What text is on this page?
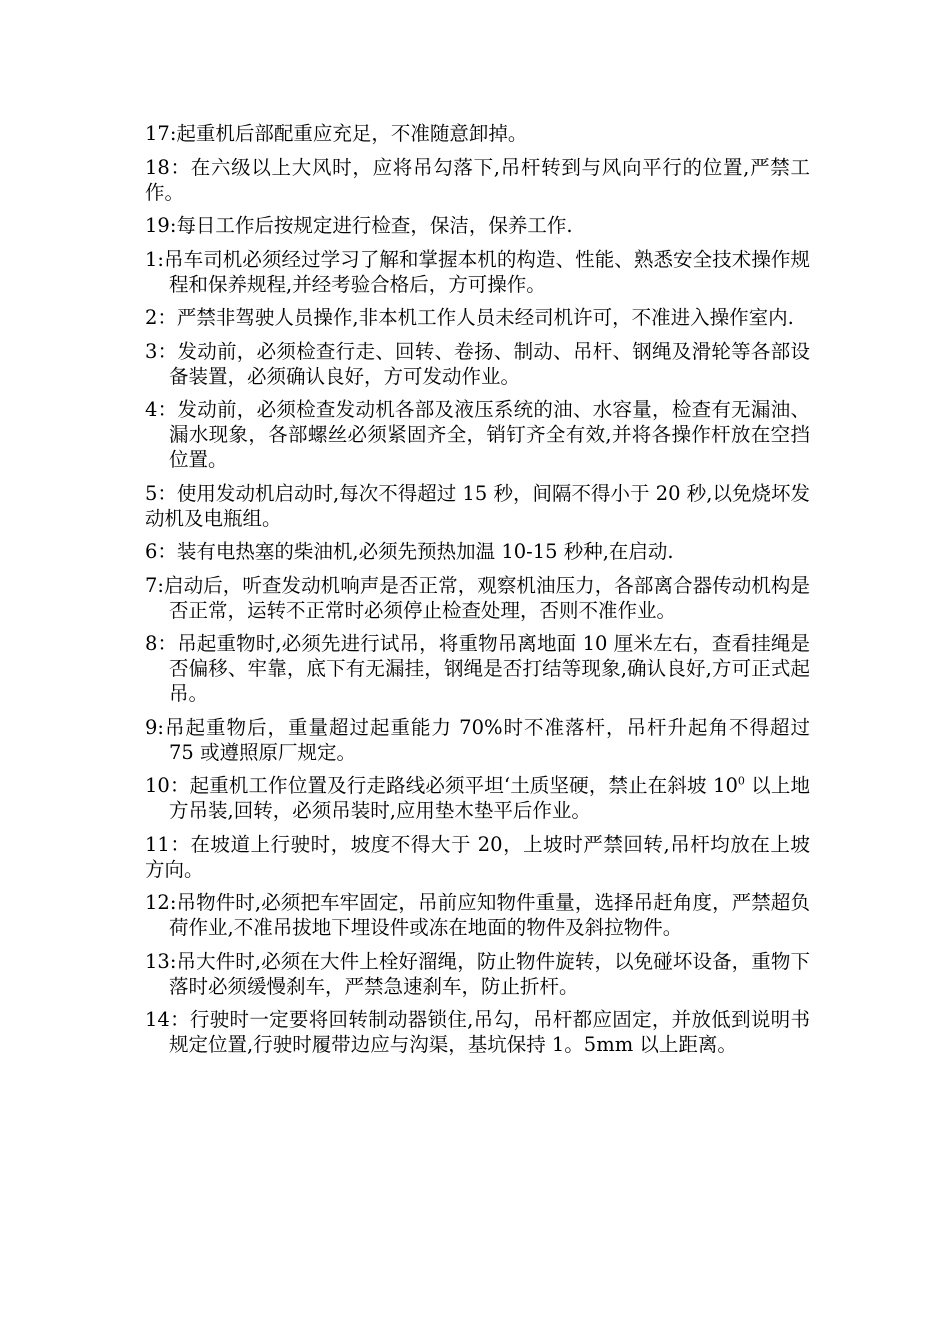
17:起重机后部配重应充足，不准随意卸掉。

18：在六级以上大风时，应将吊勾落下,吊杆转到与风向平行的位置,严禁工作。

19:每日工作后按规定进行检查，保洁，保养工作.

1:吊车司机必须经过学习了解和掌握本机的构造、性能、熟悉安全技术操作规程和保养规程,并经考验合格后，方可操作。

2：严禁非驾驶人员操作,非本机工作人员未经司机许可，不准进入操作室内.

3：发动前，必须检查行走、回转、卷扬、制动、吊杆、钢绳及滑轮等各部设备装置，必须确认良好，方可发动作业。

4：发动前，必须检查发动机各部及液压系统的油、水容量，检查有无漏油、漏水现象，各部螺丝必须紧固齐全，销钉齐全有效,并将各操作杆放在空挡位置。

5：使用发动机启动时,每次不得超过 15 秒，间隔不得小于 20 秒,以免烧坏发动机及电瓶组。

6：装有电热塞的柴油机,必须先预热加温 10-15 秒种,在启动.

7:启动后，听查发动机响声是否正常，观察机油压力，各部离合器传动机构是否正常，运转不正常时必须停止检查处理，否则不准作业。

8：吊起重物时,必须先进行试吊，将重物吊离地面 10 厘米左右，查看挂绳是否偏移、牢靠，底下有无漏挂，钢绳是否打结等现象,确认良好,方可正式起吊。

9:吊起重物后，重量超过起重能力 70%时不准落杆，吊杆升起角不得超过 75 或遵照原厂规定。

10：起重机工作位置及行走路线必须平坦‘土质坚硬，禁止在斜坡 $10^0$ 以上地方吊装,回转，必须吊装时,应用垫木垫平后作业。

11：在坡道上行驶时，坡度不得大于 20，上坡时严禁回转,吊杆均放在上坡方向。

12:吊物件时,必须把车牢固定，吊前应知物件重量，选择吊赶角度，严禁超负荷作业,不准吊拔地下埋设件或冻在地面的物件及斜拉物件。

13:吊大件时,必须在大件上栓好溜绳，防止物件旋转，以免碰坏设备，重物下落时必须缓慢刹车，严禁急速刹车，防止折杆。

14：行驶时一定要将回转制动器锁住,吊勾，吊杆都应固定，并放低到说明书规定位置,行驶时履带边应与沟渠，基坑保持 1。5mm 以上距离。
